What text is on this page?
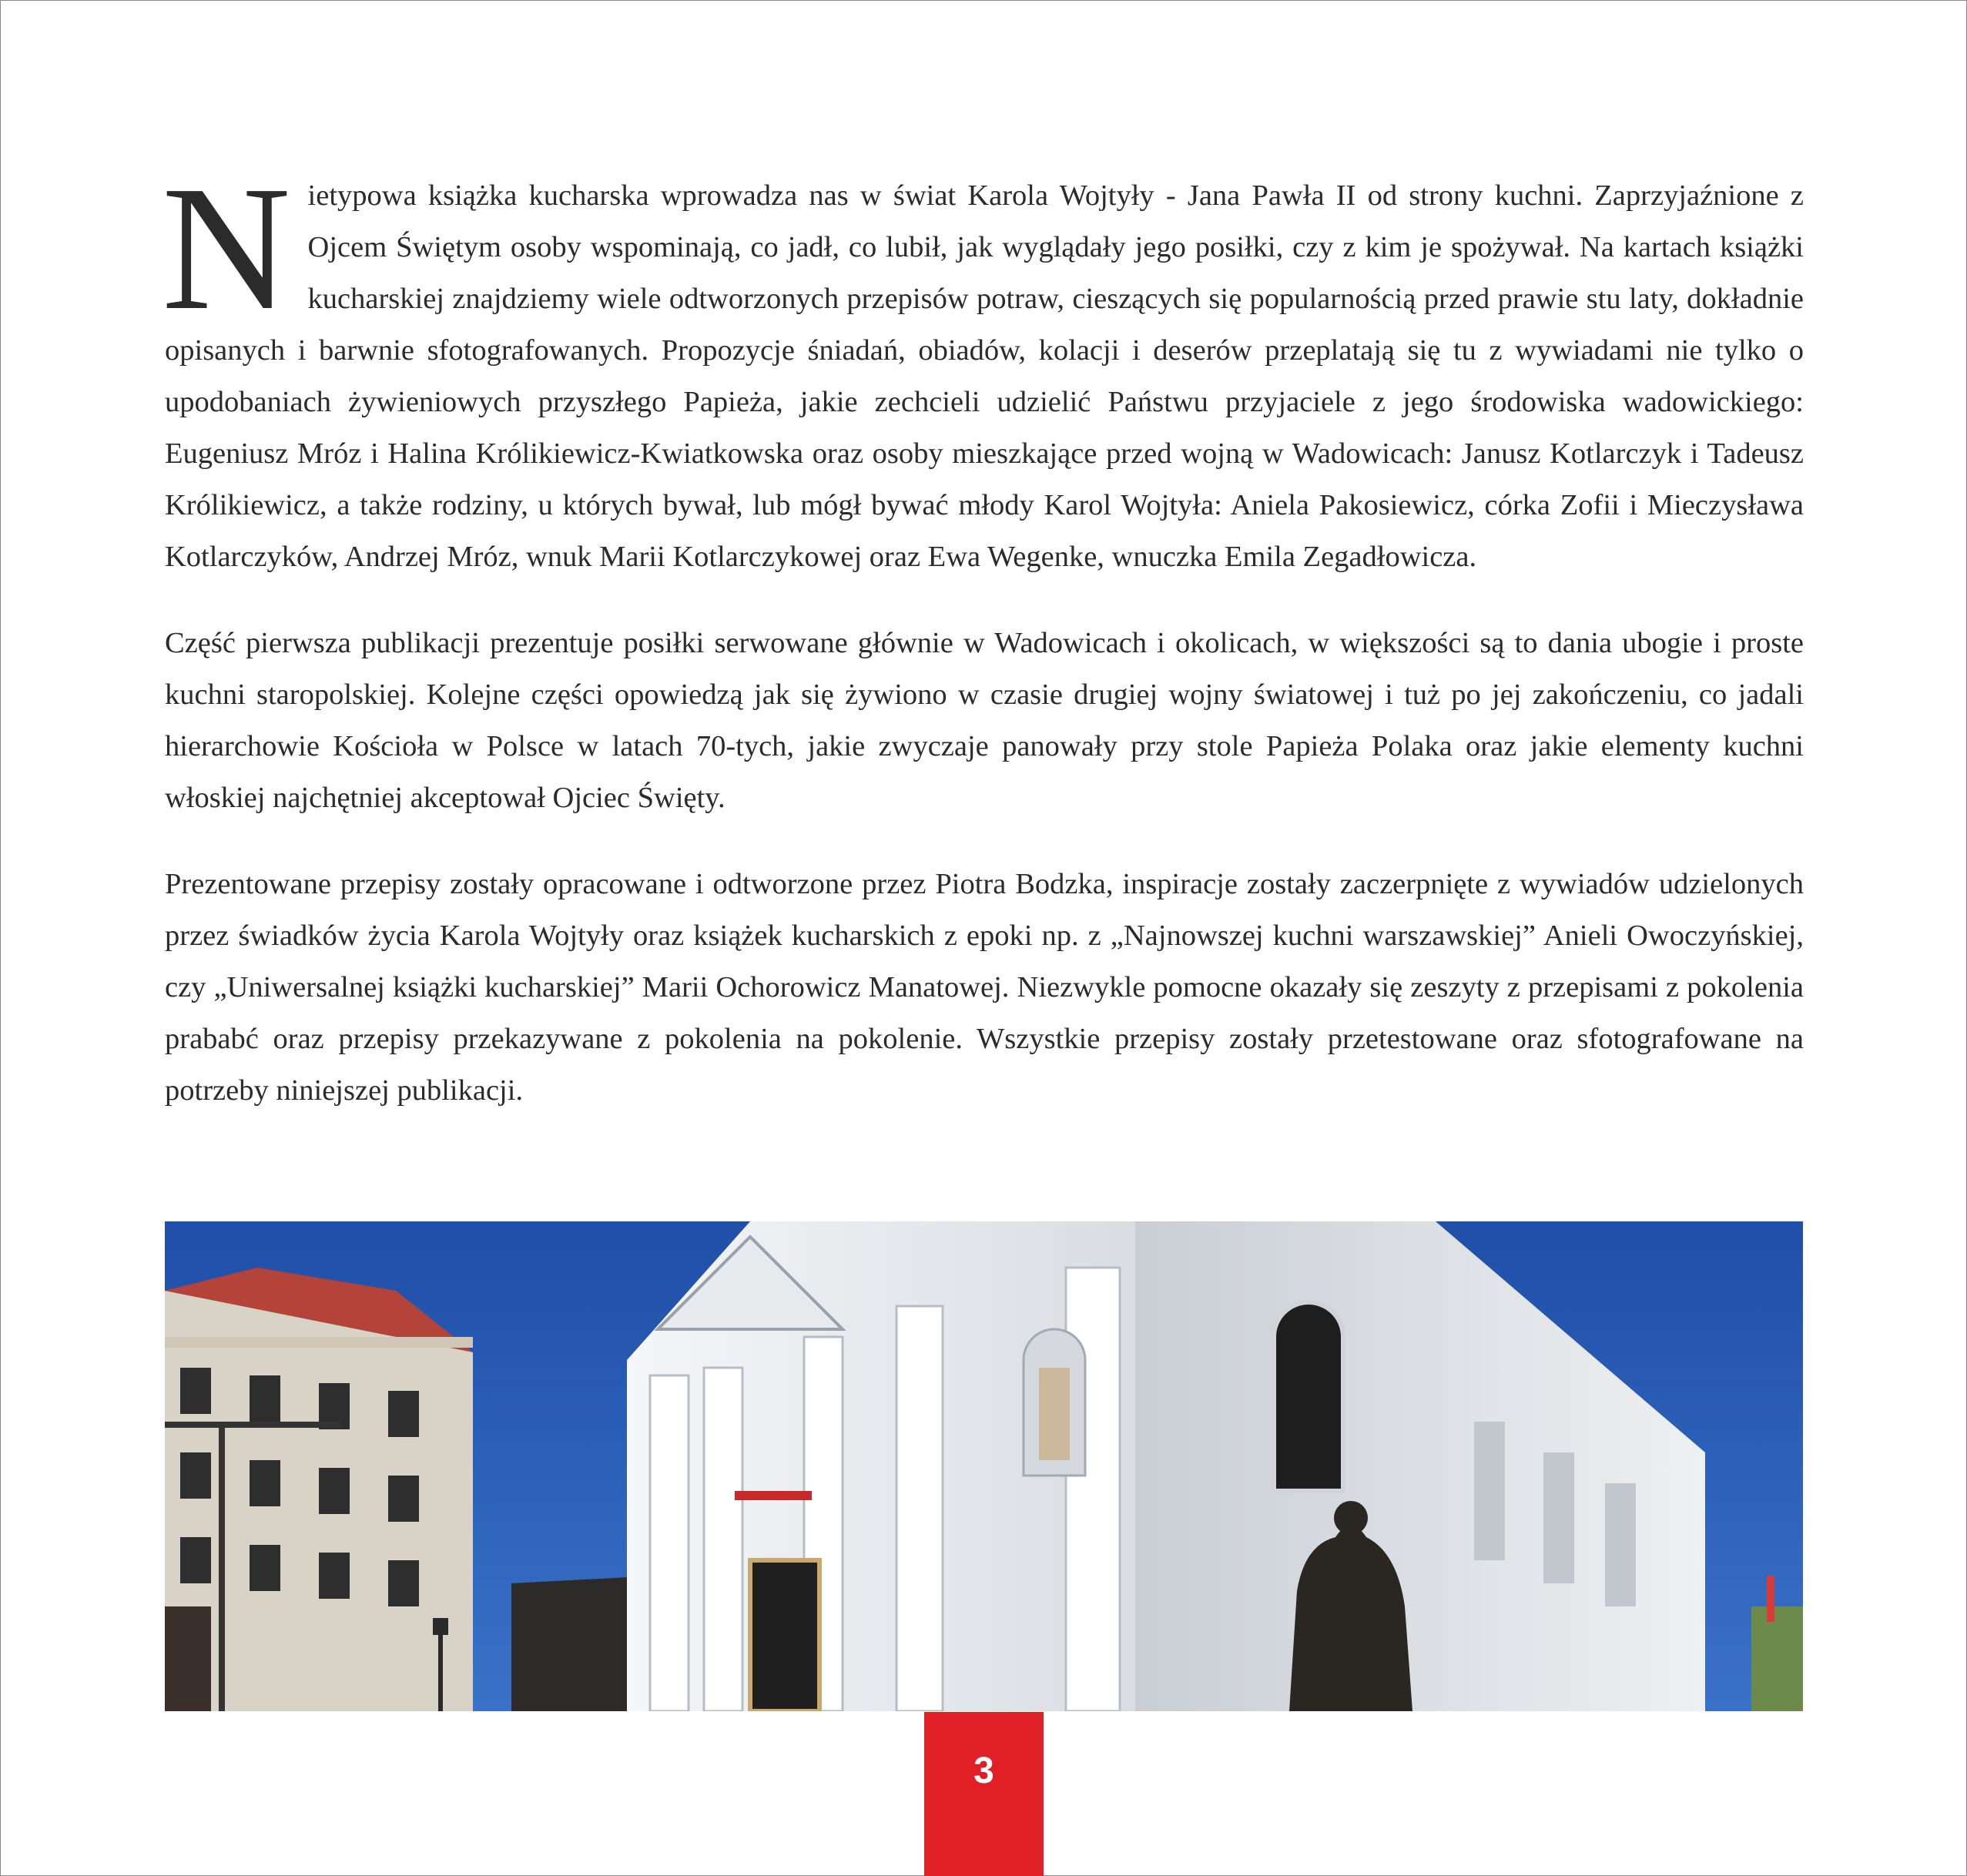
Nietypowa książka kucharska wprowadza nas w świat Karola Wojtyły - Jana Pawła II od strony kuchni. Zaprzyjaźnione z Ojcem Świętym osoby wspominają, co jadł, co lubił, jak wyglądały jego posiłki, czy z kim je spożywał. Na kartach książki kucharskiej znajdziemy wiele odtworzonych przepisów potraw, cieszących się popularnością przed prawie stu laty, dokładnie opisanych i barwnie sfotografowanych. Propozycje śniadań, obiadów, kolacji i deserów przeplatają się tu z wywiadami nie tylko o upodobaniach żywieniowych przyszłego Papieża, jakie zechcieli udzielić Państwu przyjaciele z jego środowiska wadowickiego: Eugeniusz Mróz i Halina Królikiewicz-Kwiatkowska oraz osoby mieszkające przed wojną w Wadowicach: Janusz Kotlarczyk i Tadeusz Królikiewicz, a także rodziny, u których bywał, lub mógł bywać młody Karol Wojtyła: Aniela Pakosiewicz, córka Zofii i Mieczysława Kotlarczyków, Andrzej Mróz, wnuk Marii Kotlarczykowej oraz Ewa Wegenke, wnuczka Emila Zegadłowicza.

Część pierwsza publikacji prezentuje posiłki serwowane głównie w Wadowicach i okolicach, w większości są to dania ubogie i proste kuchni staropolskiej. Kolejne części opowiedzą jak się żywiono w czasie drugiej wojny światowej i tuż po jej zakończeniu, co jadali hierarchowie Kościoła w Polsce w latach 70-tych, jakie zwyczaje panowały przy stole Papieża Polaka oraz jakie elementy kuchni włoskiej najchętniej akceptował Ojciec Święty.

Prezentowane przepisy zostały opracowane i odtworzone przez Piotra Bodzka, inspiracje zostały zaczerpnięte z wywiadów udzielonych przez świadków życia Karola Wojtyły oraz książek kucharskich z epoki np. z „Najnowszej kuchni warszawskiej” Anieli Owoczyńskiej, czy „Uniwersalnej książki kucharskiej” Marii Ochorowicz Manatowej. Niezwykle pomocne okazały się zeszyty z przepisami z pokolenia prababć oraz przepisy przekazywane z pokolenia na pokolenie. Wszystkie przepisy zostały przetestowane oraz sfotografowane na potrzeby niniejszej publikacji.

3
